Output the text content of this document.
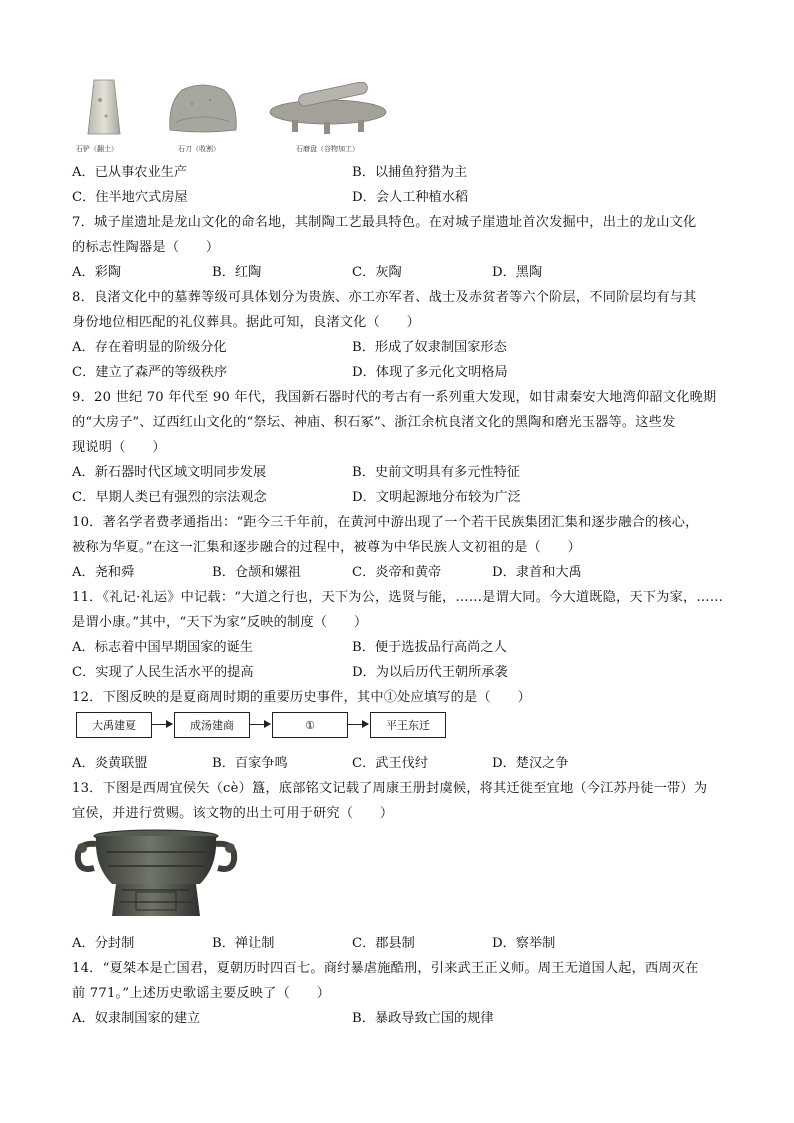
石铲（翻土）	石刀（收割）	石磨盘（谷物加工）
A．已从事农业生产	B．以捕鱼狩猎为主
C．住半地穴式房屋	D．会人工种植水稻
7．城子崖遗址是龙山文化的命名地，其制陶工艺最具特色。在对城子崖遗址首次发掘中，出土的龙山文化
的标志性陶器是（　　）
A．彩陶	B．红陶	C．灰陶	D．黑陶
8．良渚文化中的墓葬等级可具体划分为贵族、亦工亦军者、战士及赤贫者等六个阶层，不同阶层均有与其
身份地位相匹配的礼仪葬具。据此可知，良渚文化（　　）
A．存在着明显的阶级分化	B．形成了奴隶制国家形态
C．建立了森严的等级秩序	D．体现了多元化文明格局
9．20 世纪 70 年代至 90 年代，我国新石器时代的考古有一系列重大发现，如甘肃秦安大地湾仰韶文化晚期
的“大房子”、辽西红山文化的“祭坛、神庙、积石冢”、浙江余杭良渚文化的黑陶和磨光玉器等。这些发
现说明（　　）
A．新石器时代区域文明同步发展	B．史前文明具有多元性特征
C．早期人类已有强烈的宗法观念	D．文明起源地分布较为广泛
10．著名学者费孝通指出：“距今三千年前，在黄河中游出现了一个若干民族集团汇集和逐步融合的核心，
被称为华夏。”在这一汇集和逐步融合的过程中，被尊为中华民族人文初祖的是（　　）
A．尧和舜	B．仓颉和嫘祖	C．炎帝和黄帝	D．隶首和大禹
11．《礼记·礼运》中记载：“大道之行也，天下为公，选贤与能，……是谓大同。今大道既隐，天下为家，……
是谓小康。”其中，“天下为家”反映的制度（　　）
A．标志着中国早期国家的诞生	B．便于选拔品行高尚之人
C．实现了人民生活水平的提高	D．为以后历代王朝所承袭
12．下图反映的是夏商周时期的重要历史事件，其中①处应填写的是（　　）
大禹建夏	成汤建商	①	平王东迁
A．炎黄联盟	B．百家争鸣	C．武王伐纣	D．楚汉之争
13．下图是西周宜侯矢（cè）簋，底部铭文记载了周康王册封虞候，将其迁徙至宜地（今江苏丹徒一带）为
宜侯，并进行赏赐。该文物的出土可用于研究（　　）
A．分封制	B．禅让制	C．郡县制	D．察举制
14．“夏桀本是亡国君，夏朝历时四百七。商纣暴虐施酷刑，引来武王正义师。周王无道国人起，西周灭在
前 771。”上述历史歌谣主要反映了（　　）
A．奴隶制国家的建立	B．暴政导致亡国的规律
